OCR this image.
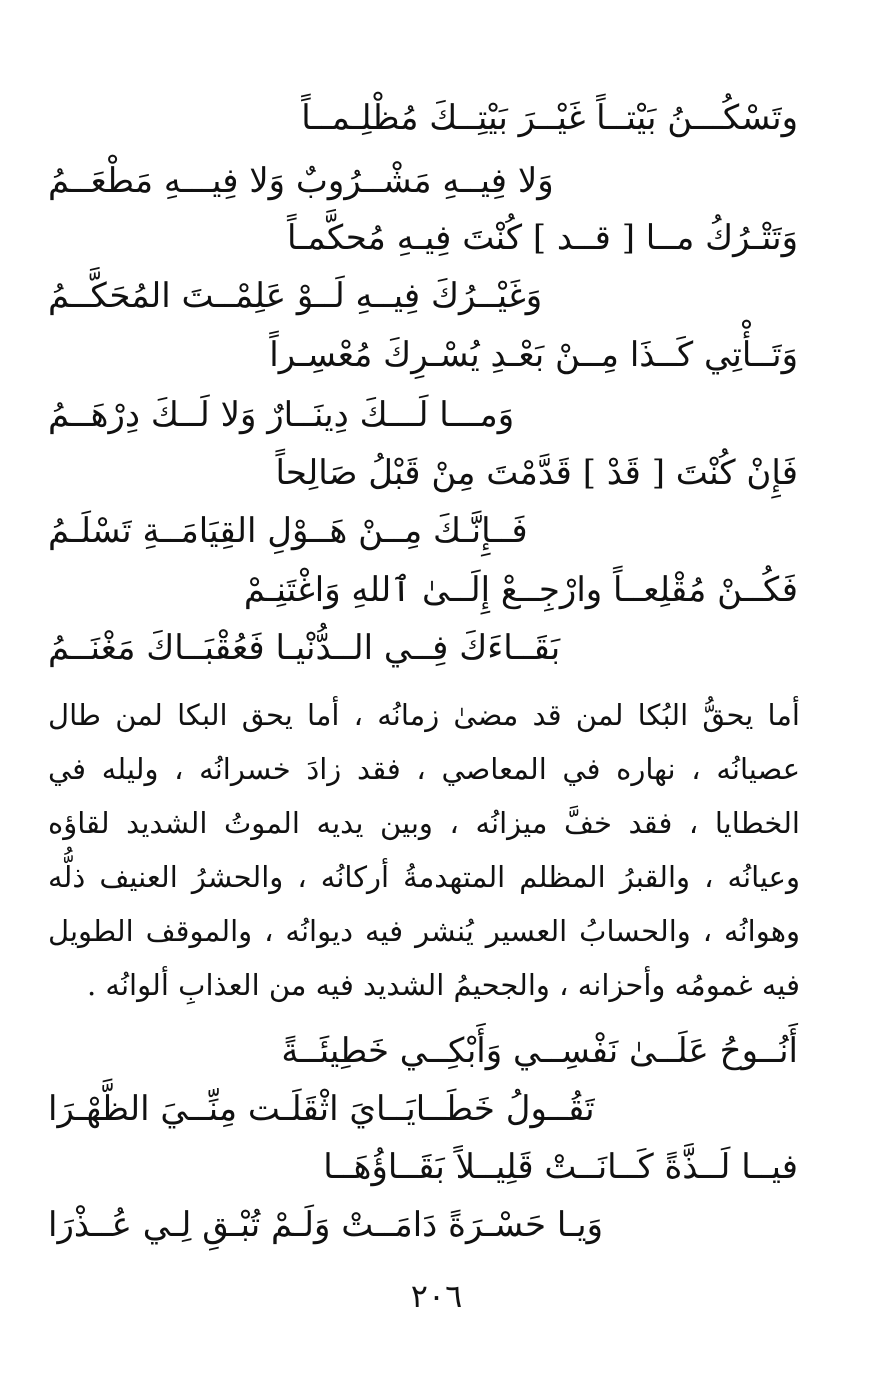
وتَسْكُـــنُ بَيْتــاً غَيْــرَ بَيْتِــكَ مُظْلِـمــاً
وَلا فِيــهِ مَشْــرُوبٌ وَلا فِيـــهِ مَطْعَــمُ
وَتَتْـرُكُ مــا [ قــد ] كُنْتَ فِيـهِ مُحكَّمـاً
وَغَيْــرُكَ فِيــهِ لَــوْ عَلِمْــتَ المُحَكَّــمُ
وَتَــأْتِي كَــذَا مِــنْ بَعْـدِ يُسْـرِكَ مُعْسِـراً
وَمـــا لَـــكَ دِينَــارٌ وَلا لَــكَ دِرْهَــمُ
فَإِنْ كُنْتَ [ قَدْ ] قَدَّمْتَ مِنْ قَبْلُ صَالِحاً
فَــإِنَّـكَ مِــنْ هَــوْلِ القِيَامَــةِ تَسْلَـمُ
فَكُــنْ مُقْلِعــاً وارْجِــعْ إِلَــىٰ ٱللهِ وَاغْتَنِـمْ
بَقَــاءَكَ فِــي الــدُّنْيـا فَعُقْبَــاكَ مَغْنَــمُ

أما يحقُّ البُكا لمن قد مضىٰ زمانُه ، أما يحق البكا لمن طال عصيانُه ، نهاره في المعاصي ، فقد زادَ خسرانُه ، وليله في الخطايا ، فقد خفَّ ميزانُه ، وبين يديه الموتُ الشديد لقاؤه وعيانُه ، والقبرُ المظلم المتهدمةُ أركانُه ، والحشرُ العنيف ذلُّه وهوانُه ، والحسابُ العسير يُنشر فيه ديوانُه ، والموقف الطويل فيه غمومُه وأحزانه ، والجحيمُ الشديد فيه من العذابِ ألوانُه .

أَنُــوحُ عَلَــىٰ نَفْسِــي وَأَبْكِــي خَطِيئَــةً
تَقُــولُ خَطَــايَــايَ اثْقَلَـت مِنِّــيَ الظَّهْـرَا
فيــا لَــذَّةً كَــانَــتْ قَلِيــلاً بَقَــاؤُهَــا
وَيـا حَسْـرَةً دَامَــتْ وَلَـمْ تُبْـقِ لِـي عُــذْرَا
٢٠٦
